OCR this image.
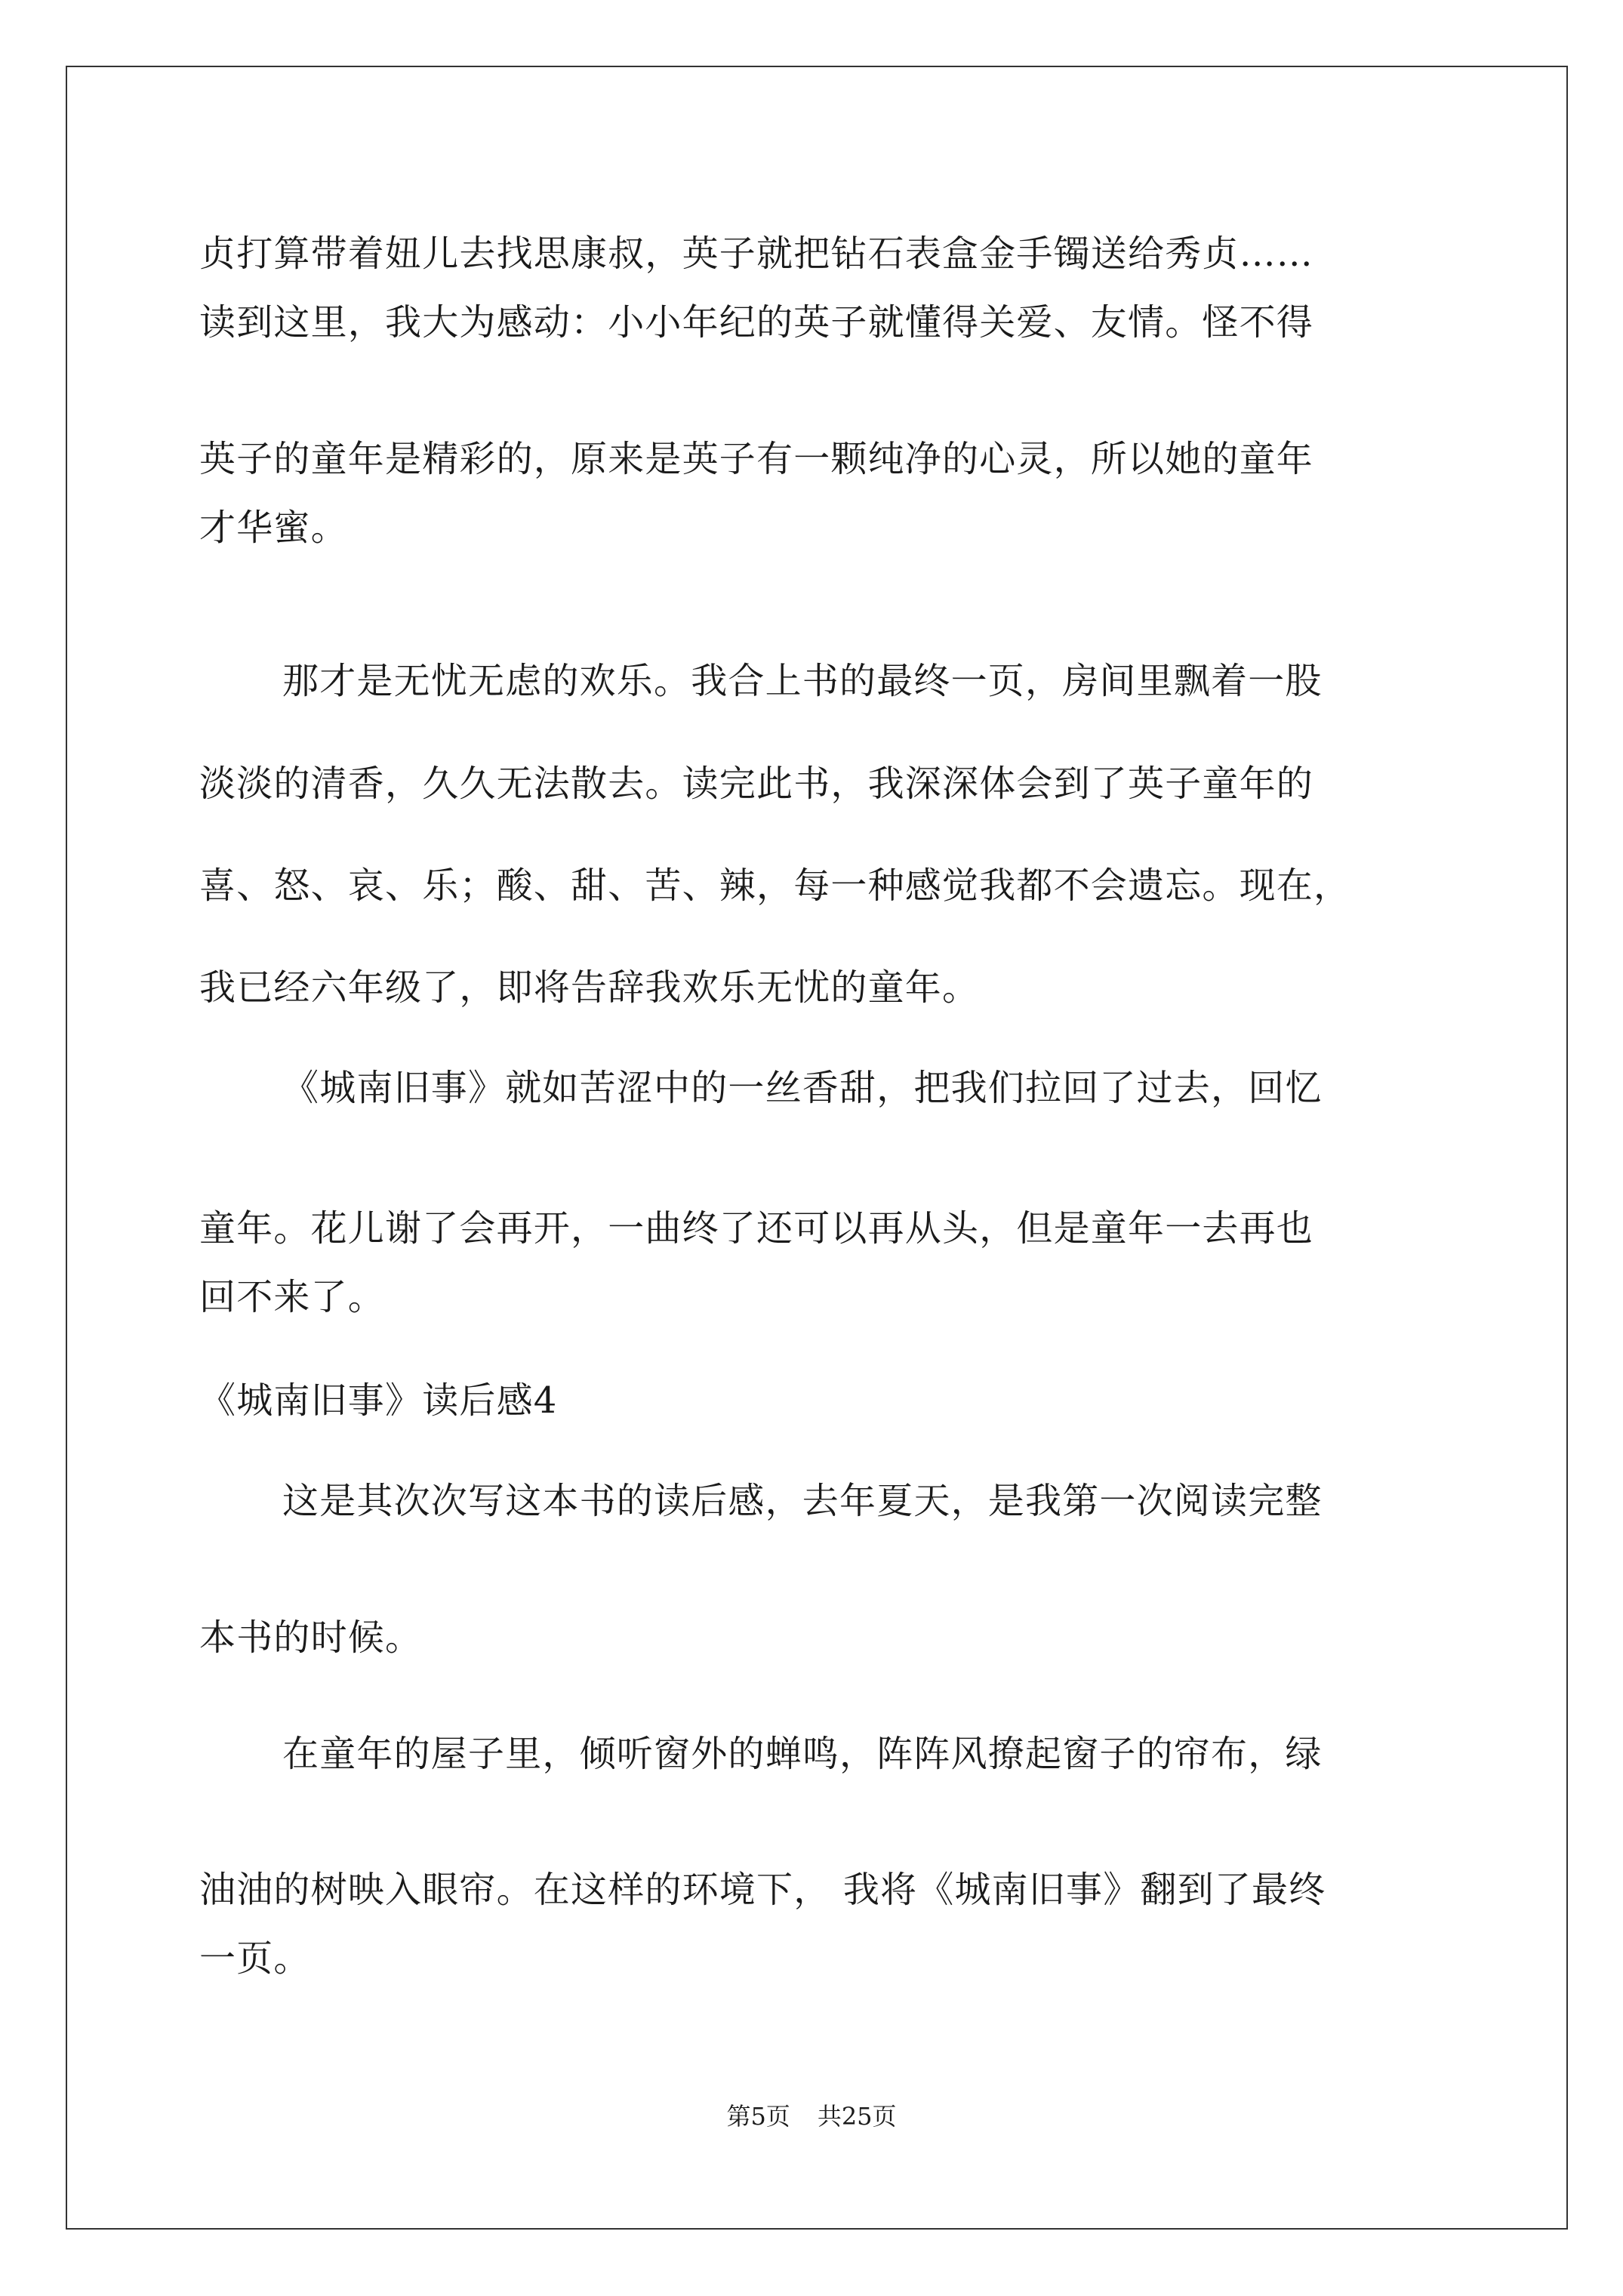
贞打算带着妞儿去找思康叔，英子就把钻石表盒金手镯送给秀贞……
读到这里，我大为感动：小小年纪的英子就懂得关爱、友情。怪不得
英子的童年是精彩的，原来是英子有一颗纯净的心灵，所以她的童年
才华蜜。
那才是无忧无虑的欢乐。我合上书的最终一页，房间里飘着一股
淡淡的清香，久久无法散去。读完此书，我深深体会到了英子童年的
喜、怒、哀、乐；酸、甜、苦、辣，每一种感觉我都不会遗忘。现在，
我已经六年级了，即将告辞我欢乐无忧的童年。
《城南旧事》就如苦涩中的一丝香甜，把我们拉回了过去，回忆
童年。花儿谢了会再开，一曲终了还可以再从头，但是童年一去再也
回不来了。
《城南旧事》读后感4
这是其次次写这本书的读后感，去年夏天，是我第一次阅读完整
本书的时候。
在童年的屋子里，倾听窗外的蝉鸣，阵阵风撩起窗子的帘布，绿
油油的树映入眼帘。在这样的环境下， 我将《城南旧事》翻到了最终
一页。
第5页 共25页
